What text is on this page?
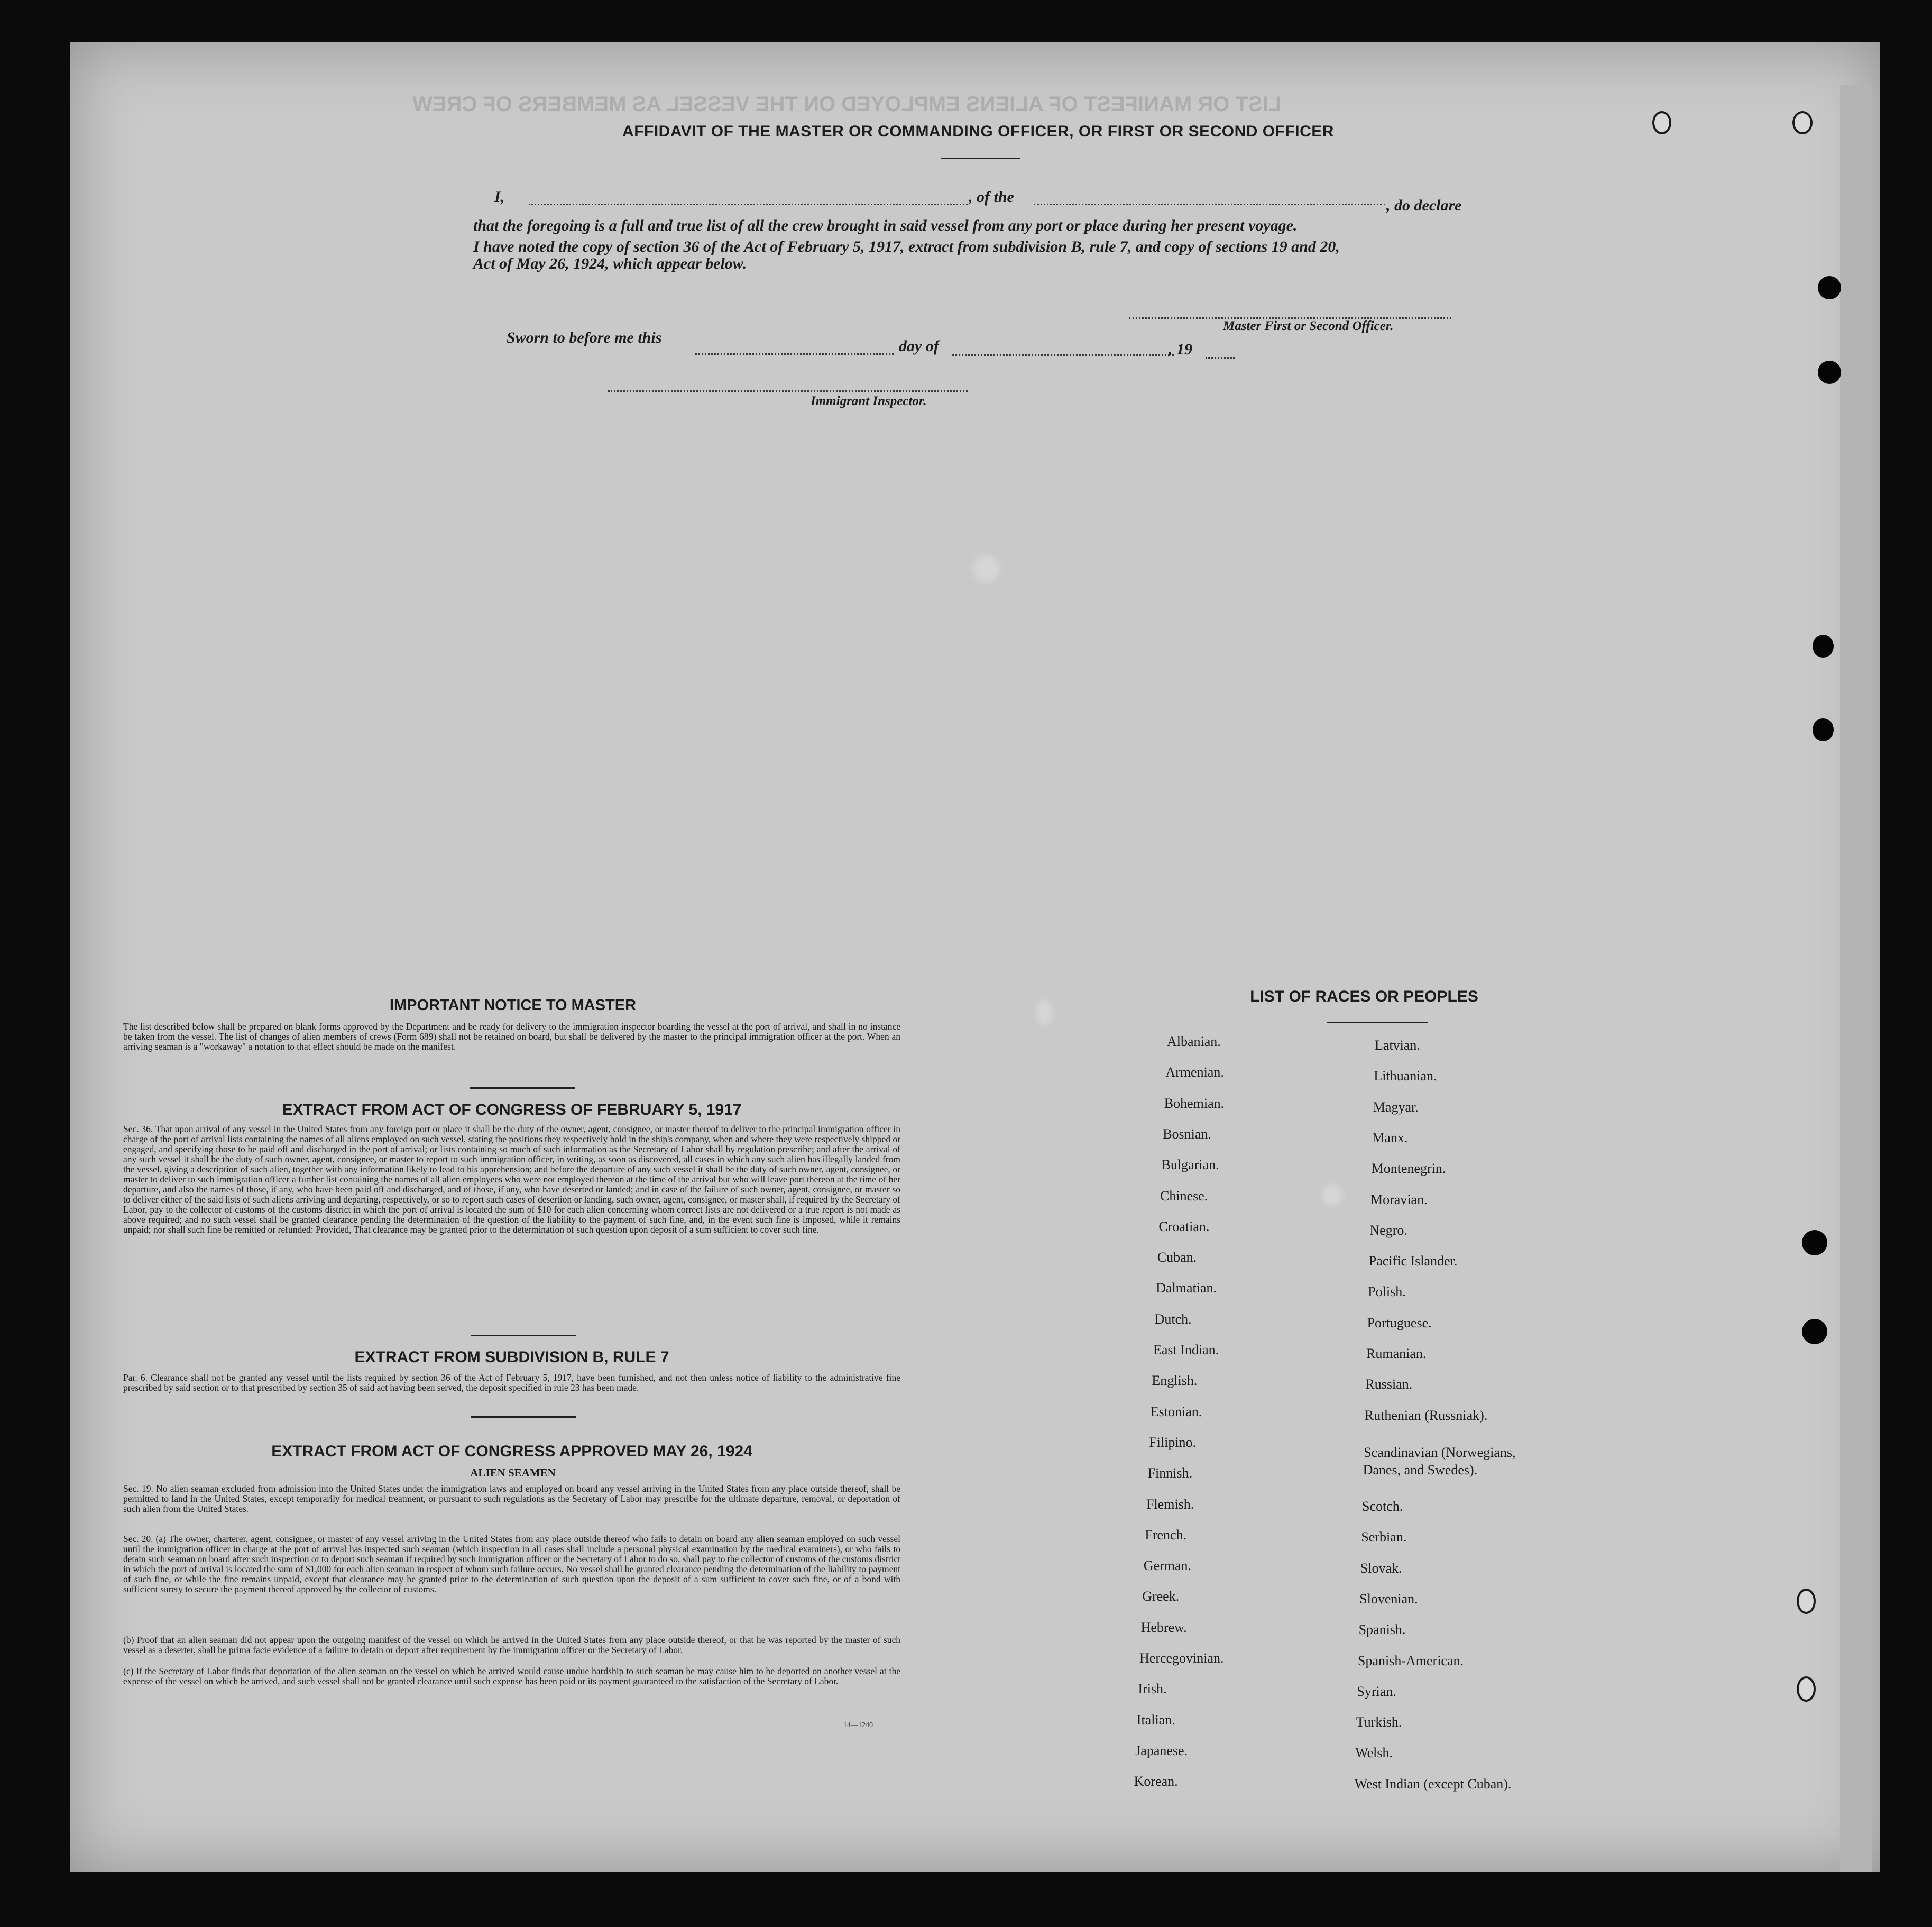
LIST OR MANIFEST OF ALIENS EMPLOYED ON THE VESSEL AS MEMBERS OF CREW
AFFIDAVIT OF THE MASTER OR COMMANDING OFFICER, OR FIRST OR SECOND OFFICER
I,	, of the	, do declare
that the foregoing is a full and true list of all the crew brought in said vessel from any port or place during her present voyage.
I have noted the copy of section 36 of the Act of February 5, 1917, extract from subdivision B, rule 7, and copy of sections 19 and 20,
Act of May 26, 1924, which appear below.
Master First or Second Officer.
Sworn to before me this	day of	, 19
Immigrant Inspector.
IMPORTANT NOTICE TO MASTER
The list described below shall be prepared on blank forms approved by the Department and be ready for delivery to the immigration inspector boarding the vessel at the port of arrival, and shall in no instance be taken from the vessel. The list of changes of alien members of crews (Form 689) shall not be retained on board, but shall be delivered by the master to the principal immigration officer at the port. When an arriving seaman is a "workaway" a notation to that effect should be made on the manifest.
EXTRACT FROM ACT OF CONGRESS OF FEBRUARY 5, 1917
Sec. 36. That upon arrival of any vessel in the United States from any foreign port or place it shall be the duty of the owner, agent, consignee, or master thereof to deliver to the principal immigration officer in charge of the port of arrival lists containing the names of all aliens employed on such vessel, stating the positions they respectively hold in the ship's company, when and where they were respectively shipped or engaged, and specifying those to be paid off and discharged in the port of arrival; or lists containing so much of such information as the Secretary of Labor shall by regulation prescribe; and after the arrival of any such vessel it shall be the duty of such owner, agent, consignee, or master to report to such immigration officer, in writing, as soon as discovered, all cases in which any such alien has illegally landed from the vessel, giving a description of such alien, together with any information likely to lead to his apprehension; and before the departure of any such vessel it shall be the duty of such owner, agent, consignee, or master to deliver to such immigration officer a further list containing the names of all alien employees who were not employed thereon at the time of the arrival but who will leave port thereon at the time of her departure, and also the names of those, if any, who have been paid off and discharged, and of those, if any, who have deserted or landed; and in case of the failure of such owner, agent, consignee, or master so to deliver either of the said lists of such aliens arriving and departing, respectively, or so to report such cases of desertion or landing, such owner, agent, consignee, or master shall, if required by the Secretary of Labor, pay to the collector of customs of the customs district in which the port of arrival is located the sum of $10 for each alien concerning whom correct lists are not delivered or a true report is not made as above required; and no such vessel shall be granted clearance pending the determination of the question of the liability to the payment of such fine, and, in the event such fine is imposed, while it remains unpaid; nor shall such fine be remitted or refunded: Provided, That clearance may be granted prior to the determination of such question upon deposit of a sum sufficient to cover such fine.
EXTRACT FROM SUBDIVISION B, RULE 7
Par. 6. Clearance shall not be granted any vessel until the lists required by section 36 of the Act of February 5, 1917, have been furnished, and not then unless notice of liability to the administrative fine prescribed by said section or to that prescribed by section 35 of said act having been served, the deposit specified in rule 23 has been made.
EXTRACT FROM ACT OF CONGRESS APPROVED MAY 26, 1924
ALIEN SEAMEN
Sec. 19. No alien seaman excluded from admission into the United States under the immigration laws and employed on board any vessel arriving in the United States from any place outside thereof, shall be permitted to land in the United States, except temporarily for medical treatment, or pursuant to such regulations as the Secretary of Labor may prescribe for the ultimate departure, removal, or deportation of such alien from the United States.
Sec. 20. (a) The owner, charterer, agent, consignee, or master of any vessel arriving in the United States from any place outside thereof who fails to detain on board any alien seaman employed on such vessel until the immigration officer in charge at the port of arrival has inspected such seaman (which inspection in all cases shall include a personal physical examination by the medical examiners), or who fails to detain such seaman on board after such inspection or to deport such seaman if required by such immigration officer or the Secretary of Labor to do so, shall pay to the collector of customs of the customs district in which the port of arrival is located the sum of $1,000 for each alien seaman in respect of whom such failure occurs. No vessel shall be granted clearance pending the determination of the liability to payment of such fine, or while the fine remains unpaid, except that clearance may be granted prior to the determination of such question upon the deposit of a sum sufficient to cover such fine, or of a bond with sufficient surety to secure the payment thereof approved by the collector of customs.
(b) Proof that an alien seaman did not appear upon the outgoing manifest of the vessel on which he arrived in the United States from any place outside thereof, or that he was reported by the master of such vessel as a deserter, shall be prima facie evidence of a failure to detain or deport after requirement by the immigration officer or the Secretary of Labor.
(c) If the Secretary of Labor finds that deportation of the alien seaman on the vessel on which he arrived would cause undue hardship to such seaman he may cause him to be deported on another vessel at the expense of the vessel on which he arrived, and such vessel shall not be granted clearance until such expense has been paid or its payment guaranteed to the satisfaction of the Secretary of Labor.
14—1240
LIST OF RACES OR PEOPLES
Albanian.
Armenian.
Bohemian.
Bosnian.
Bulgarian.
Chinese.
Croatian.
Cuban.
Dalmatian.
Dutch.
East Indian.
English.
Estonian.
Filipino.
Finnish.
Flemish.
French.
German.
Greek.
Hebrew.
Hercegovinian.
Irish.
Italian.
Japanese.
Korean.
Latvian.
Lithuanian.
Magyar.
Manx.
Montenegrin.
Moravian.
Negro.
Pacific Islander.
Polish.
Portuguese.
Rumanian.
Russian.
Ruthenian (Russniak).
Scandinavian (Norwegians,
Danes, and Swedes).
Scotch.
Serbian.
Slovak.
Slovenian.
Spanish.
Spanish-American.
Syrian.
Turkish.
Welsh.
West Indian (except Cuban).
